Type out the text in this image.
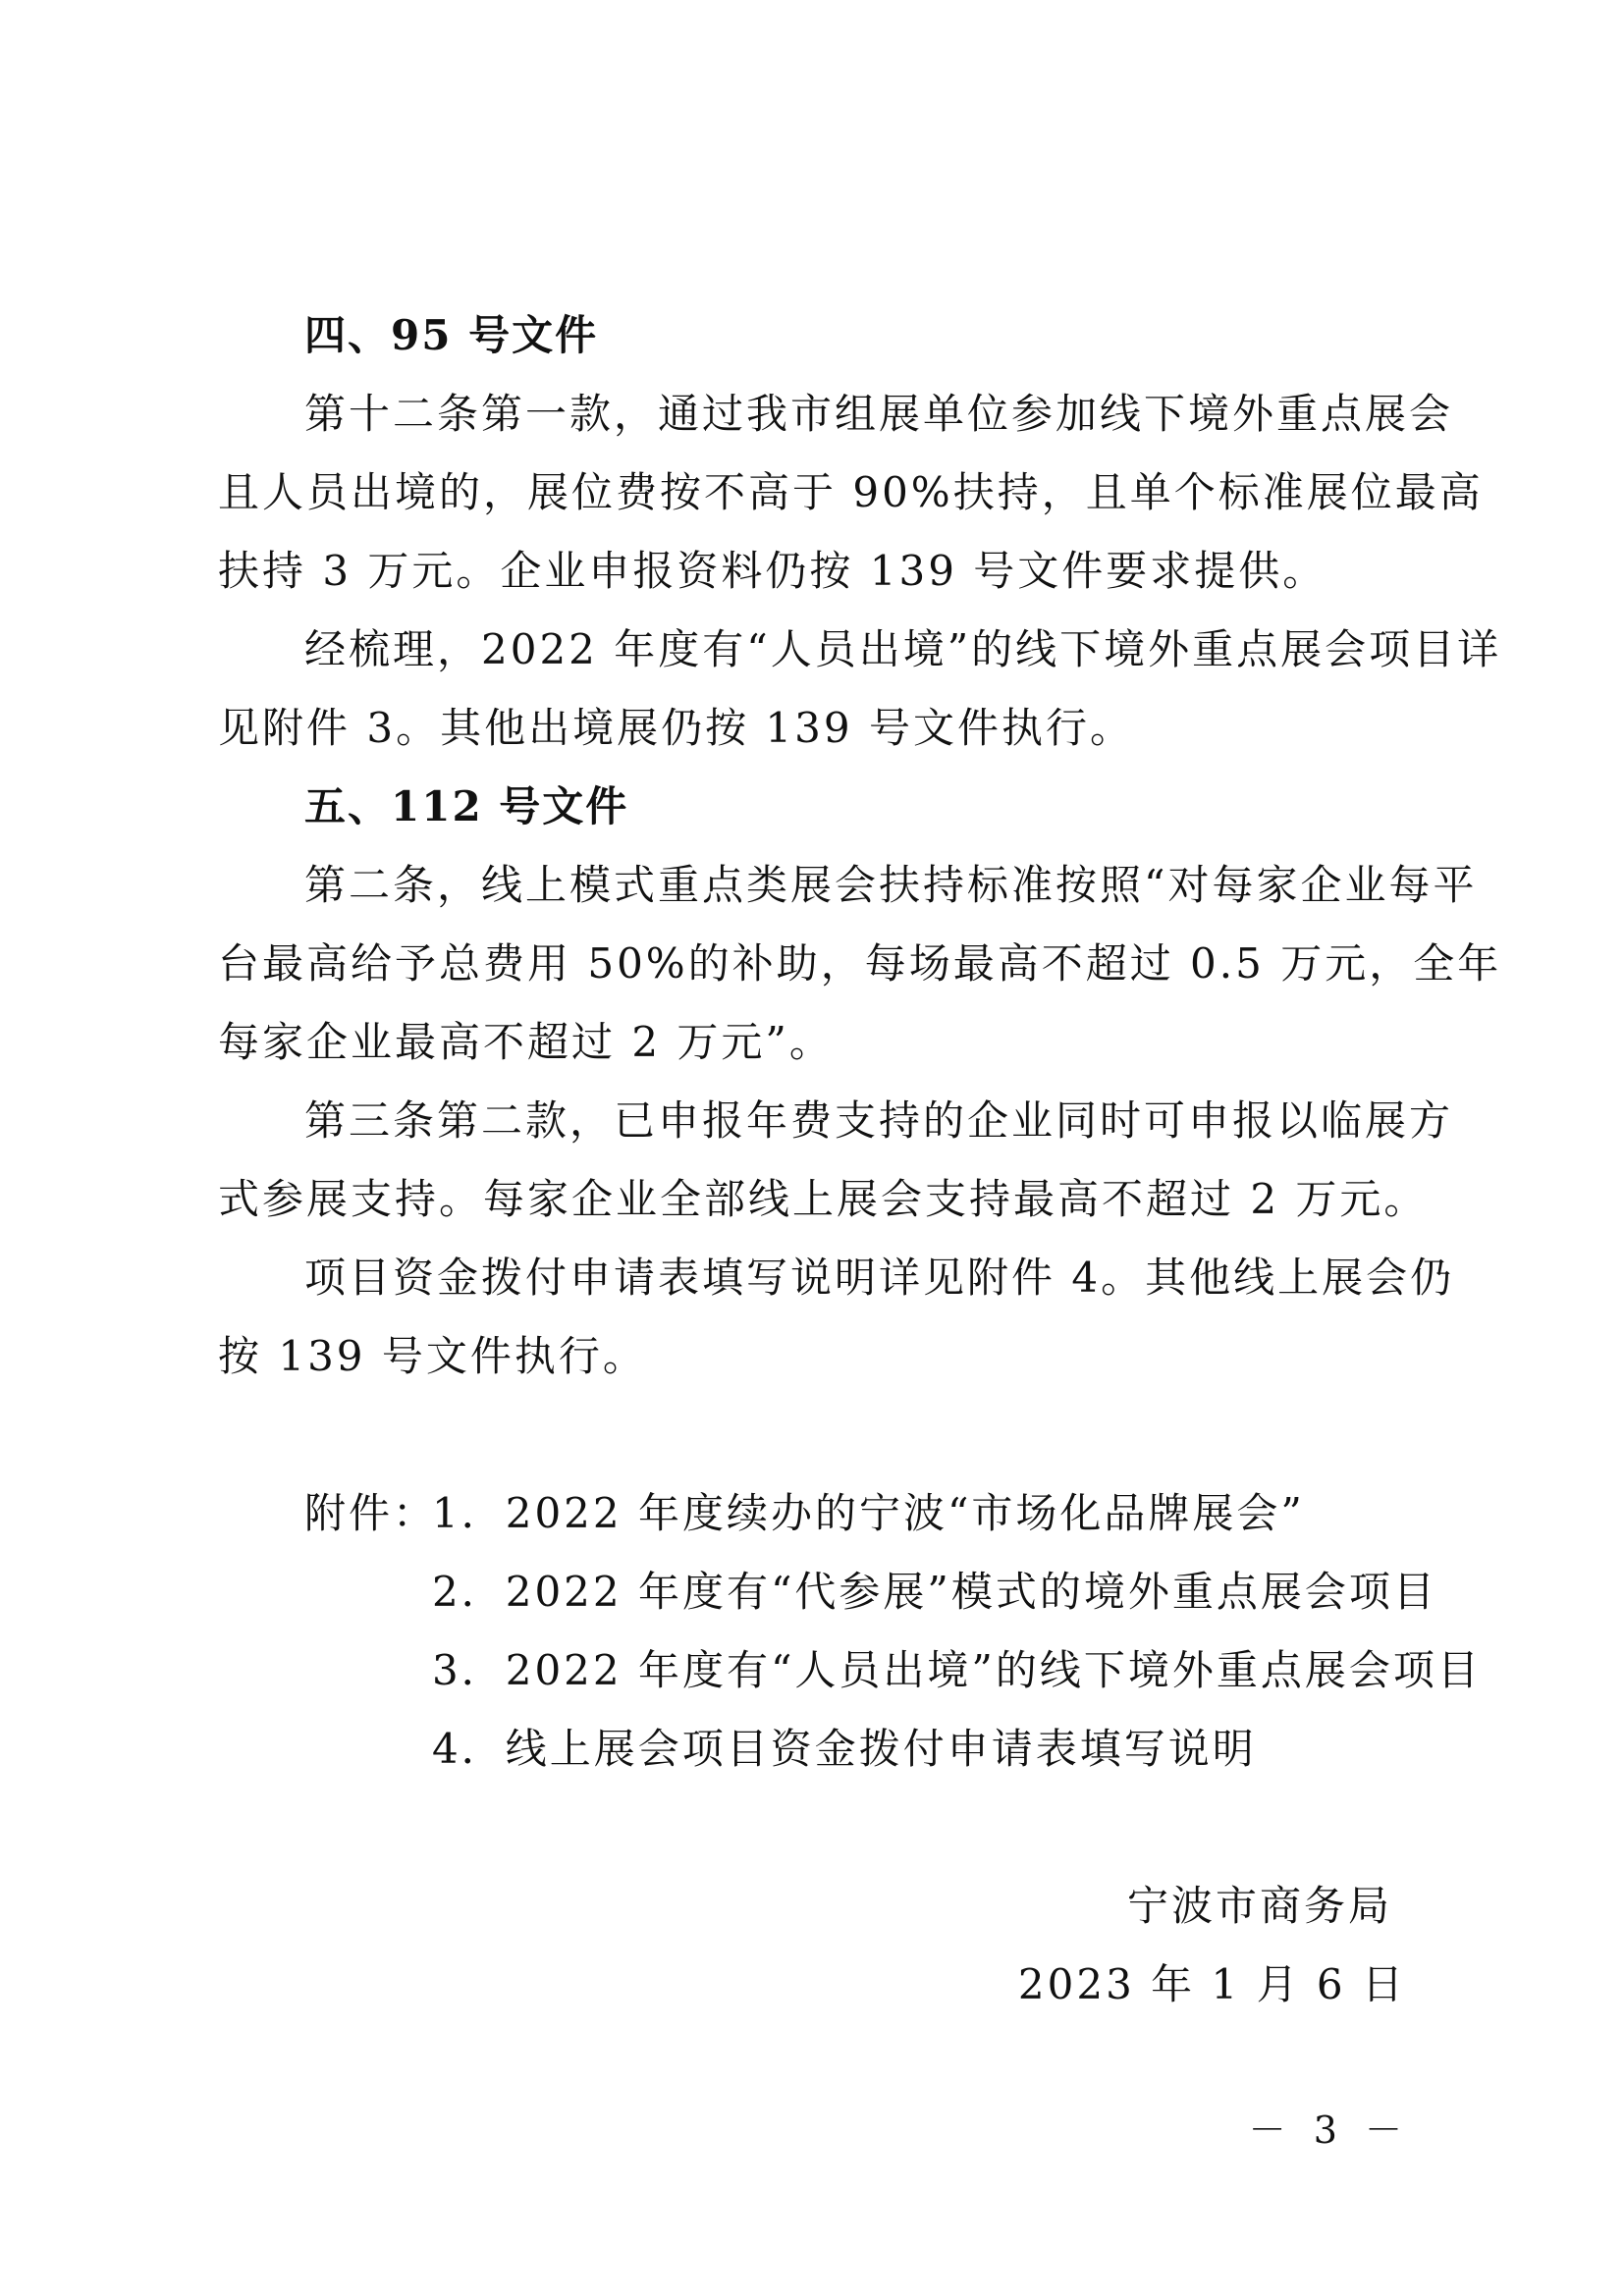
四、95 号文件
第十二条第一款，通过我市组展单位参加线下境外重点展会
且人员出境的，展位费按不高于 90%扶持，且单个标准展位最高
扶持 3 万元。企业申报资料仍按 139 号文件要求提供。
经梳理，2022 年度有“人员出境”的线下境外重点展会项目详
见附件 3。其他出境展仍按 139 号文件执行。
五、112 号文件
第二条，线上模式重点类展会扶持标准按照“对每家企业每平
台最高给予总费用 50%的补助，每场最高不超过 0.5 万元，全年
每家企业最高不超过 2 万元”。
第三条第二款，已申报年费支持的企业同时可申报以临展方
式参展支持。每家企业全部线上展会支持最高不超过 2 万元。
项目资金拨付申请表填写说明详见附件 4。其他线上展会仍
按 139 号文件执行。
附件：
1．2022 年度续办的宁波“市场化品牌展会”
2．2022 年度有“代参展”模式的境外重点展会项目
3．2022 年度有“人员出境”的线下境外重点展会项目
4．线上展会项目资金拨付申请表填写说明
宁波市商务局
2023 年 1 月 6 日
－ 3 －
